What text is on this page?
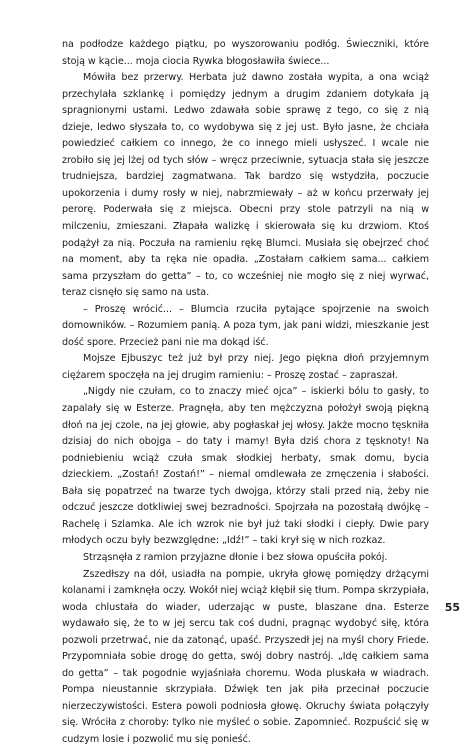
na podłodze każdego piątku, po wyszorowaniu podłóg. Świeczniki, które stoją w kącie... moja ciocia Rywka błogosławiła świece...

Mówiła bez przerwy. Herbata już dawno została wypita, a ona wciąż przechylała szklankę i pomiędzy jednym a drugim zdaniem dotykała ją spragnionymi ustami. Ledwo zdawała sobie sprawę z tego, co się z nią dzieje, ledwo słyszała to, co wydobywa się z jej ust. Było jasne, że chciała powiedzieć całkiem co innego, że co innego mieli usłyszeć. I wcale nie zrobiło się jej lżej od tych słów – wręcz przeciwnie, sytuacja stała się jeszcze trudniejsza, bardziej zagmatwana. Tak bardzo się wstydziła, poczucie upokorzenia i dumy rosły w niej, nabrzmiewały – aż w końcu przerwały jej perorę. Poderwała się z miejsca. Obecni przy stole patrzyli na nią w milczeniu, zmieszani. Złapała walizkę i skierowała się ku drzwiom. Ktoś podążył za nią. Poczuła na ramieniu rękę Blumci. Musiała się obejrzeć choć na moment, aby ta ręka nie opadła. „Zostałam całkiem sama... całkiem sama przyszłam do getta” – to, co wcześniej nie mogło się z niej wyrwać, teraz cisnęło się samo na usta.

– Proszę wrócić... – Blumcia rzuciła pytające spojrzenie na swoich domowników. – Rozumiem panią. A poza tym, jak pani widzi, mieszkanie jest dość spore. Przecież pani nie ma dokąd iść.

Mojsze Ejbuszyc też już był przy niej. Jego piękna dłoń przyjemnym ciężarem spoczęła na jej drugim ramieniu: – Proszę zostać – zapraszał.

„Nigdy nie czułam, co to znaczy mieć ojca” – iskierki bólu to gasły, to zapalały się w Esterze. Pragnęła, aby ten mężczyzna położył swoją piękną dłoń na jej czole, na jej głowie, aby pogłaskał jej włosy. Jakże mocno tęskniła dzisiaj do nich obojga – do taty i mamy! Była dziś chora z tęsknoty! Na podniebieniu wciąż czuła smak słodkiej herbaty, smak domu, bycia dzieckiem. „Zostań! Zostań!” – niemal omdlewała ze zmęczenia i słabości. Bała się popatrzeć na twarze tych dwojga, którzy stali przed nią, żeby nie odczuć jeszcze dotkliwiej swej bezradności. Spojrzała na pozostałą dwójkę – Rachelę i Szlamka. Ale ich wzrok nie był już taki słodki i ciepły. Dwie pary młodych oczu były bezwzględne: „Idź!” – taki krył się w nich rozkaz.

Strząsnęła z ramion przyjazne dłonie i bez słowa opuściła pokój.

Zszedłszy na dół, usiadła na pompie, ukryła głowę pomiędzy drżącymi kolanami i zamknęła oczy. Wokół niej wciąż kłębił się tłum. Pompa skrzypiała, woda chlustała do wiader, uderzając w puste, blaszane dna. Esterze wydawało się, że to w jej sercu tak coś dudni, pragnąc wydobyć siłę, która pozwoli przetrwać, nie da zatonąć, upaść. Przyszedł jej na myśl chory Friede. Przypomniała sobie drogę do getta, swój dobry nastrój. „Idę całkiem sama do getta” – tak pogodnie wyjaśniała choremu. Woda pluskała w wiadrach. Pompa nieustannie skrzypiała. Dźwięk ten jak piła przecinał poczucie nierzeczywistości. Estera powoli podniosła głowę. Okruchy świata połączyły się. Wróciła z choroby: tylko nie myśleć o sobie. Zapomnieć. Rozpuścić się w cudzym losie i pozwolić mu się ponieść.

55
